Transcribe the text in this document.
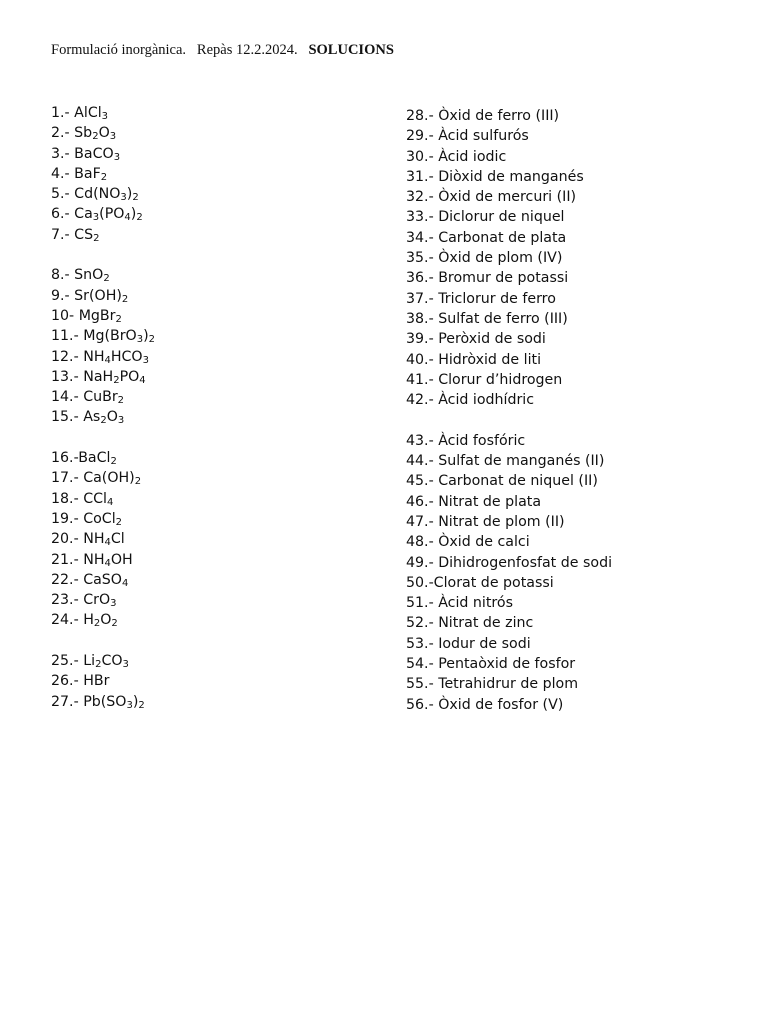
Formulació inorgànica.   Repàs 12.2.2024.   SOLUCIONS
1.- AlCl$_3$
2.- $Sb_2O_3$
3.- BaCO$_3$
4.- BaF$_2$
5.- $Cd(NO_3)_2$
6.- $Ca_3(PO_4)_2$
7.- $CS_2$
8.- SnO$_2$
9.- $Sr(OH)_2$
10- MgBr$_2$
11.- $Mg(BrO_3)_2$
12.- $NH_4HCO_3$
13.- $NaH_2PO_4$
14.- CuBr$_2$
15.- $As_2O_3$
16.-BaCl$_2$
17.- $Ca(OH)_2$
18.- CCl$_4$
19.- CoCl$_2$
20.- $NH_4Cl$
21.- $NH_4OH$
22.- CaSO$_4$
23.- CrO$_3$
24.- $H_2O_2$
25.- $Li_2CO_3$
26.- HBr
27.- $Pb(SO_3)_2$
28.- Òxid de ferro (III)
29.- Àcid sulfurós
30.- Àcid iodic
31.- Diòxid de manganés
32.- Òxid de mercuri (II)
33.- Diclorur de niquel
34.- Carbonat de plata
35.- Òxid de plom (IV)
36.- Bromur de potassi
37.- Triclorur de ferro
38.- Sulfat de ferro (III)
39.- Peròxid de sodi
40.- Hidròxid de liti
41.- Clorur d’hidrogen
42.- Àcid iodhídric
43.- Àcid fosfóric
44.- Sulfat de manganés (II)
45.- Carbonat de niquel (II)
46.- Nitrat de plata
47.- Nitrat de plom (II)
48.- Òxid de calci
49.- Dihidrogenfosfat de sodi
50.-Clorat de potassi
51.- Àcid nitrós
52.- Nitrat de zinc
53.- Iodur de sodi
54.- Pentaòxid de fosfor
55.- Tetrahidrur de plom
56.- Òxid de fosfor (V)
